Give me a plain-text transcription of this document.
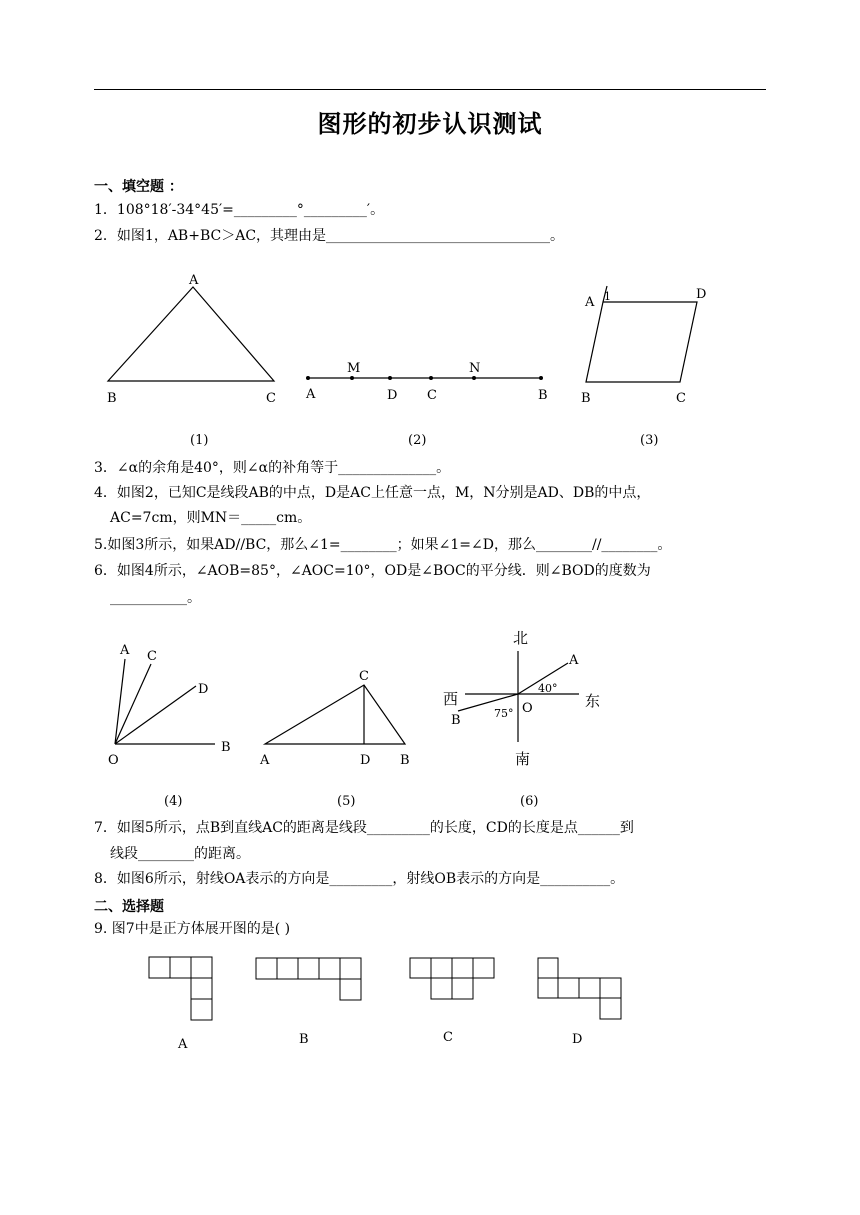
图形的初步认识测试
一、填空题 ：
1．108°18′-34°45′=_________°_________′。
2．如图1，AB+BC＞AC，其理由是________________________________。
3．∠α的余角是40°，则∠α的补角等于______________。
4．如图2，已知C是线段AB的中点，D是AC上任意一点，M，N分别是AD、DB的中点，
AC=7cm，则MN＝_____cm。
5.如图3所示，如果AD//BC，那么∠1=________；如果∠1=∠D，那么________//________。
6．如图4所示，∠AOB=85°，∠AOC=10°，OD是∠BOC的平分线．则∠BOD的度数为
___________。
7．如图5所示，点B到直线AC的距离是线段_________的长度，CD的长度是点______到
线段________的距离。
8．如图6所示，射线OA表示的方向是_________，射线OB表示的方向是__________。
二、选择题
9. 图7中是正方体展开图的是( )
A
B	C
(1)
M	N
A	D C	B
(2)
A 1	D
B	C
(3)
A C
D
O
B
(4)
C
A	D B
(5)
北
南
西	东
A
B
O
40°
75°
(6)
A	B	C	D
